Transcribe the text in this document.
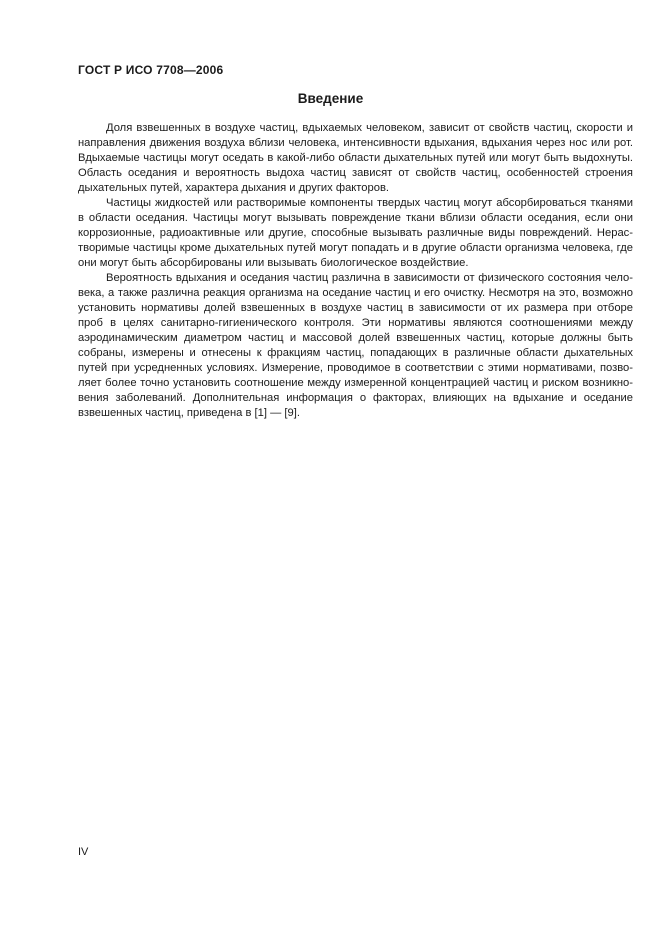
ГОСТ Р ИСО 7708—2006
Введение
Доля взвешенных в воздухе частиц, вдыхаемых человеком, зависит от свойств частиц, скорости и
направления движения воздуха вблизи человека, интенсивности вдыхания, вдыхания через нос или рот.
Вдыхаемые частицы могут оседать в какой-либо области дыхательных путей или могут быть выдохнуты.
Область оседания и вероятность выдоха частиц зависят от свойств частиц, особенностей строения
дыхательных путей, характера дыхания и других факторов.
Частицы жидкостей или растворимые компоненты твердых частиц могут абсорбироваться тканями
в области оседания. Частицы могут вызывать повреждение ткани вблизи области оседания, если они
коррозионные, радиоактивные или другие, способные вызывать различные виды повреждений. Нерас-
творимые частицы кроме дыхательных путей могут попадать и в другие области организма человека, где
они могут быть абсорбированы или вызывать биологическое воздействие.
Вероятность вдыхания и оседания частиц различна в зависимости от физического состояния чело-
века, а также различна реакция организма на оседание частиц и его очистку. Несмотря на это, возможно
установить нормативы долей взвешенных в воздухе частиц в зависимости от их размера при отборе
проб в целях санитарно-гигиенического контроля. Эти нормативы являются соотношениями между
аэродинамическим диаметром частиц и массовой долей взвешенных частиц, которые должны быть
собраны, измерены и отнесены к фракциям частиц, попадающих в различные области дыхательных
путей при усредненных условиях. Измерение, проводимое в соответствии с этими нормативами, позво-
ляет более точно установить соотношение между измеренной концентрацией частиц и риском возникно-
вения заболеваний. Дополнительная информация о факторах, влияющих на вдыхание и оседание
взвешенных частиц, приведена в [1] — [9].
IV
